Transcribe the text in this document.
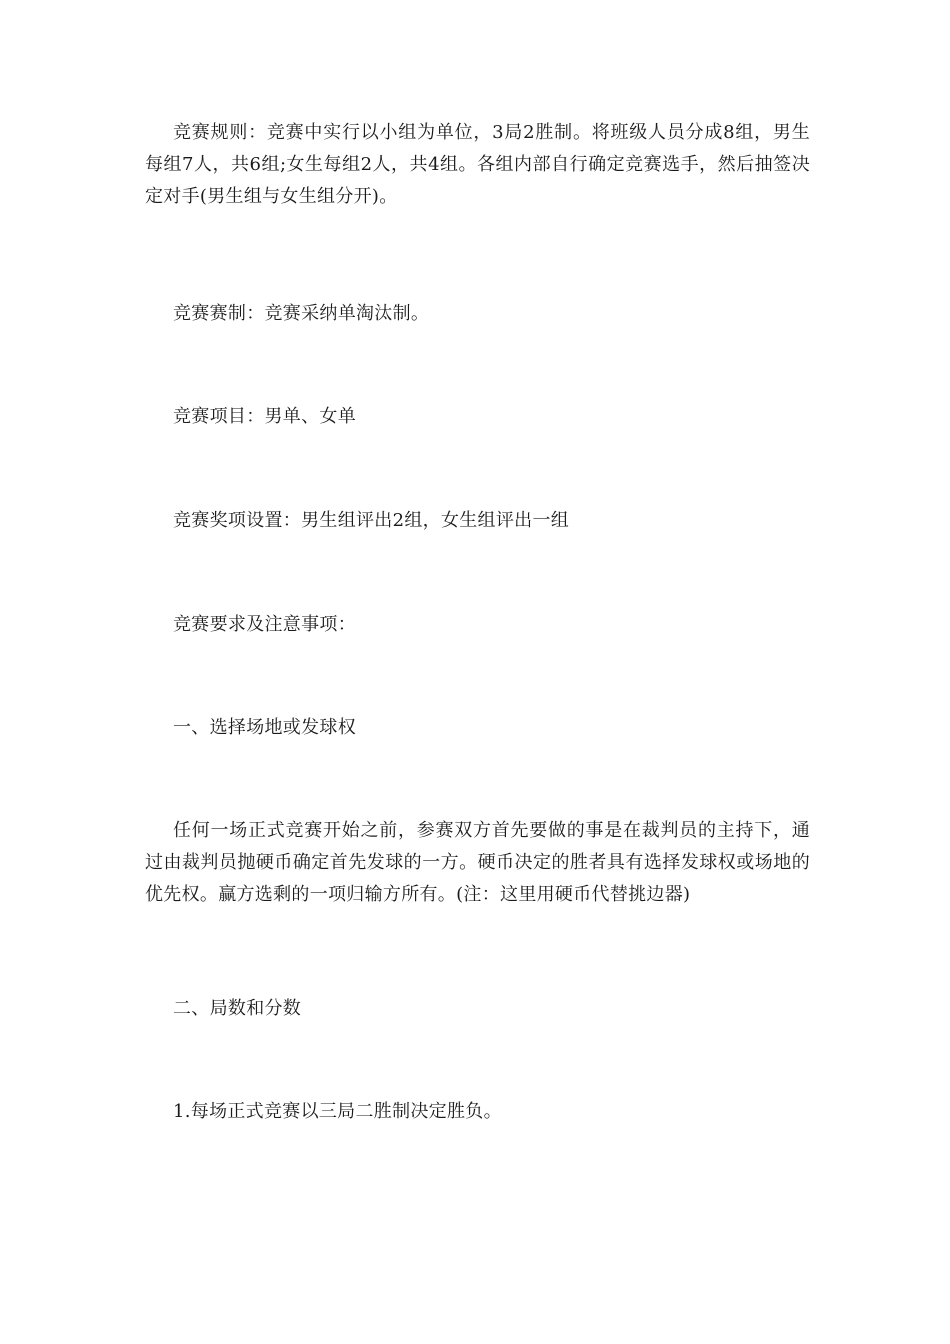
竞赛规则：竞赛中实行以小组为单位，3局2胜制。将班级人员分成8组，男生每组7人，共6组;女生每组2人，共4组。各组内部自行确定竞赛选手，然后抽签决定对手(男生组与女生组分开)。

竞赛赛制：竞赛采纳单淘汰制。

竞赛项目：男单、女单

竞赛奖项设置：男生组评出2组，女生组评出一组

竞赛要求及注意事项：

一、选择场地或发球权

任何一场正式竞赛开始之前，参赛双方首先要做的事是在裁判员的主持下，通过由裁判员抛硬币确定首先发球的一方。硬币决定的胜者具有选择发球权或场地的优先权。赢方选剩的一项归输方所有。(注：这里用硬币代替挑边器)

二、局数和分数

1.每场正式竞赛以三局二胜制决定胜负。
